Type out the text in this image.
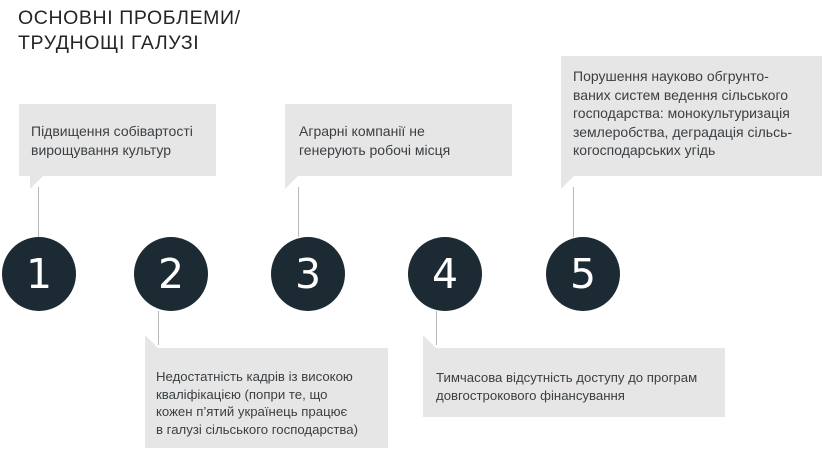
ОСНОВНІ ПРОБЛЕМИ/
ТРУДНОЩІ ГАЛУЗІ
Підвищення собівартості
вирощування культур
Аграрні компанії не
генерують робочі місця
Порушення науково обгрунто-
ваних систем ведення сільського
господарства: монокультуризація
землеробства, деградація сільсь-
когосподарських угідь
1	2	3	4	5
Недостатність кадрів із високою
кваліфікацією (попри те, що
кожен п’ятий українець працює
в галузі сільського господарства)
Тимчасова відсутність доступу до програм
довгострокового фінансування
